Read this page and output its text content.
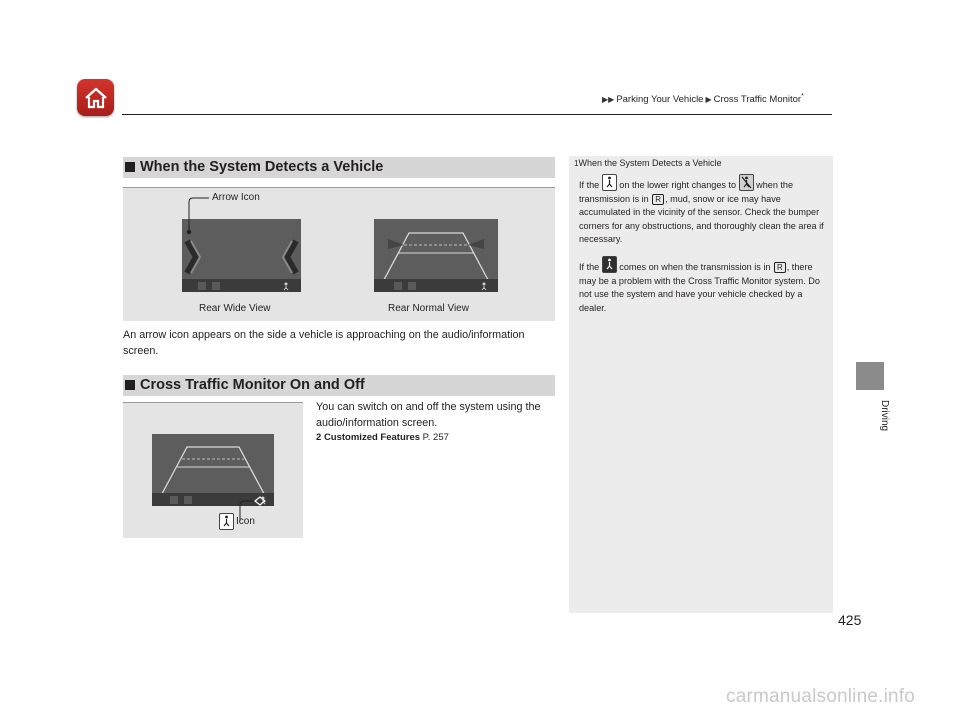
▶▶ Parking Your Vehicle ▶ Cross Traffic Monitor*
Driving
When the System Detects a Vehicle
Arrow Icon
Rear Wide View	Rear Normal View
An arrow icon appears on the side a vehicle is approaching on the audio/information screen.
Cross Traffic Monitor On and Off
Icon
You can switch on and off the system using the audio/information screen.
2 Customized Features P. 257
1When the System Detects a Vehicle
If the on the lower right changes to when the transmission is in R , mud, snow or ice may have accumulated in the vicinity of the sensor. Check the bumper corners for any obstructions, and thoroughly clean the area if necessary.
If the comes on when the transmission is in R , there may be a problem with the Cross Traffic Monitor system. Do not use the system and have your vehicle checked by a dealer.
425
carmanualsonline.info
